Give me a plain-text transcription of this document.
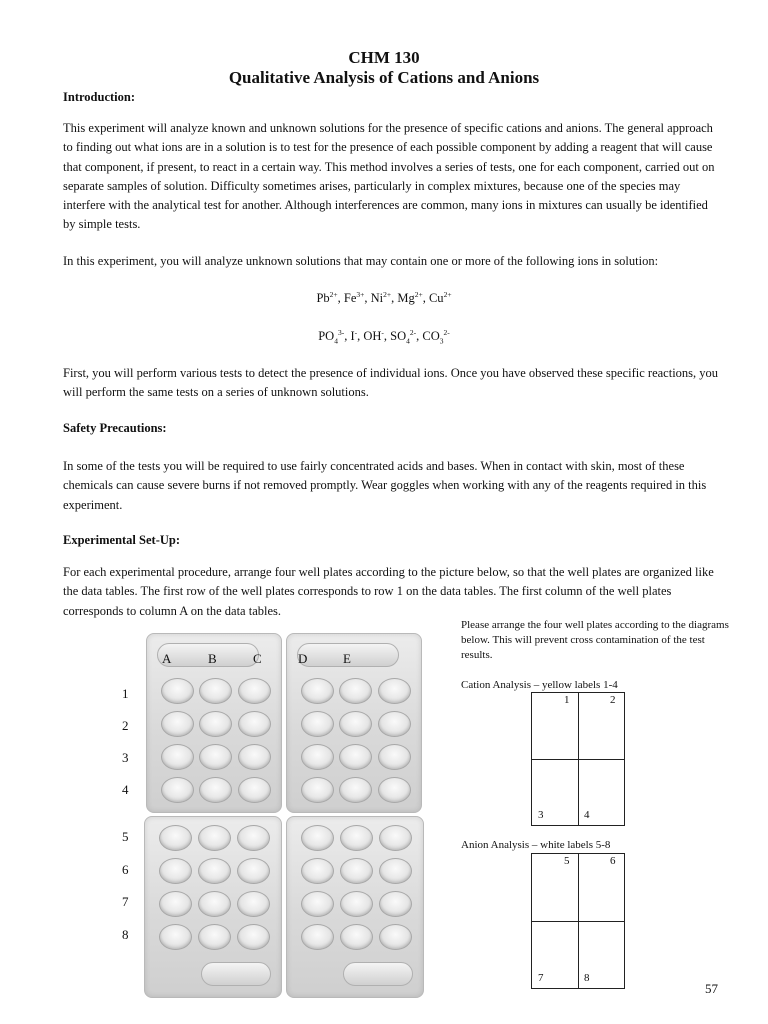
CHM 130
Qualitative Analysis of Cations and Anions
Introduction:
This experiment will analyze known and unknown solutions for the presence of specific cations and anions. The general approach to finding out what ions are in a solution is to test for the presence of each possible component by adding a reagent that will cause that component, if present, to react in a certain way. This method involves a series of tests, one for each component, carried out on separate samples of solution. Difficulty sometimes arises, particularly in complex mixtures, because one of the species may interfere with the analytical test for another. Although interferences are common, many ions in mixtures can usually be identified by simple tests.
In this experiment, you will analyze unknown solutions that may contain one or more of the following ions in solution:
$Pb^{2+}$, $Fe^{3+}$, $Ni^{2+}$, $Mg^{2+}$, $Cu^{2+}$
$PO_4^{3-}$, I-, OH-, $SO_4^{2-}$, $CO_3^{2-}$
First, you will perform various tests to detect the presence of individual ions. Once you have observed these specific reactions, you will perform the same tests on a series of unknown solutions.
Safety Precautions:
In some of the tests you will be required to use fairly concentrated acids and bases. When in contact with skin, most of these chemicals can cause severe burns if not removed promptly. Wear goggles when working with any of the reagents required in this experiment.
Experimental Set-Up:
For each experimental procedure, arrange four well plates according to the picture below, so that the well plates are organized like the data tables. The first row of the well plates corresponds to row 1 on the data tables. The first column of the well plates corresponds to column A on the data tables.
A	B	C	D	E
1
2
3
4
5
6
7
8
Please arrange the four well plates according to the diagrams below. This will prevent cross contamination of the test results.
Cation Analysis – yellow labels 1-4
1	2
3	4
Anion Analysis – white labels 5-8
5	6
7	8
57
